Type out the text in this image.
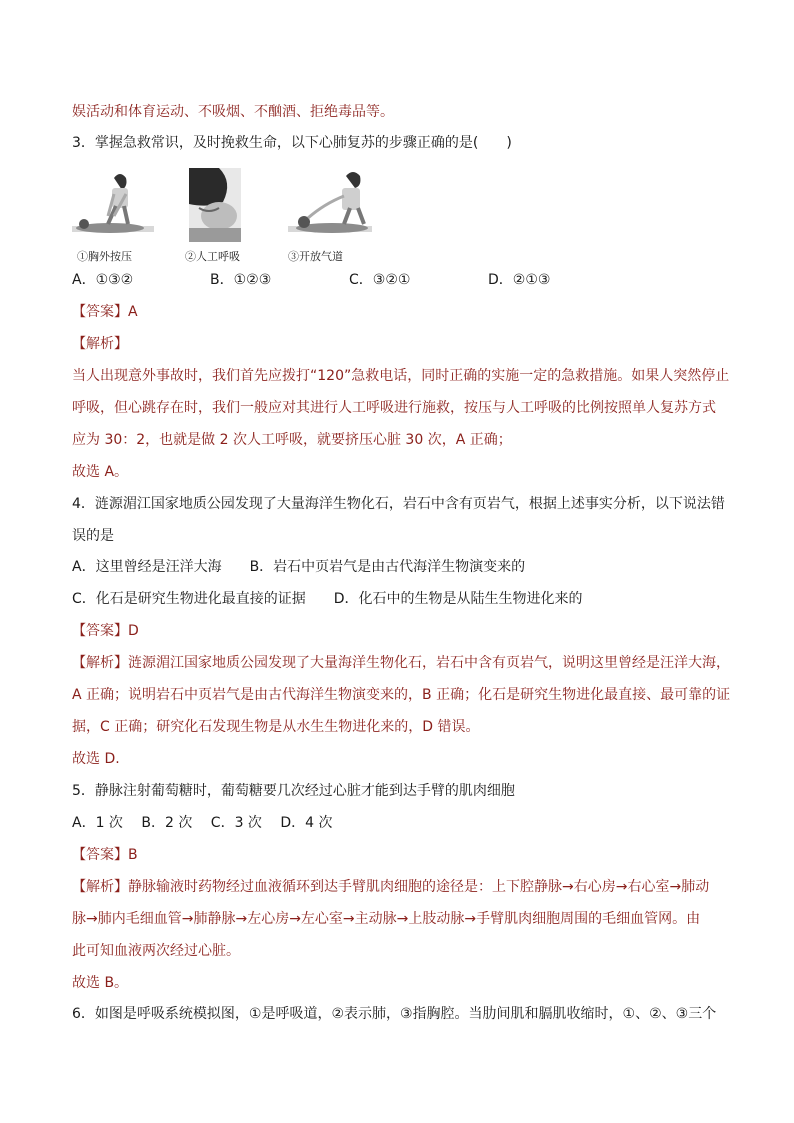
娱活动和体育运动、不吸烟、不酗酒、拒绝毒品等。
3．掌握急救常识，及时挽救生命，以下心肺复苏的步骤正确的是(　　)
①胸外按压	②人工呼吸	③开放气道
A．①③②	B．①②③	C．③②①	D．②①③
【答案】A
【解析】
当人出现意外事故时，我们首先应拨打“120”急救电话，同时正确的实施一定的急救措施。如果人突然停止
呼吸，但心跳存在时，我们一般应对其进行人工呼吸进行施救，按压与人工呼吸的比例按照单人复苏方式
应为 30：2，也就是做 2 次人工呼吸，就要挤压心脏 30 次，A 正确；
故选 A。
4．涟源湄江国家地质公园发现了大量海洋生物化石，岩石中含有页岩气，根据上述事实分析，以下说法错
误的是
A．这里曾经是汪洋大海　　B．岩石中页岩气是由古代海洋生物演变来的
C．化石是研究生物进化最直接的证据　　D．化石中的生物是从陆生生物进化来的
【答案】D
【解析】涟源湄江国家地质公园发现了大量海洋生物化石，岩石中含有页岩气，说明这里曾经是汪洋大海，
A 正确；说明岩石中页岩气是由古代海洋生物演变来的，B 正确；化石是研究生物进化最直接、最可靠的证
据，C 正确；研究化石发现生物是从水生生物进化来的，D 错误。
故选 D.
5．静脉注射葡萄糖时，葡萄糖要几次经过心脏才能到达手臂的肌肉细胞
A．1 次　 B．2 次　 C．3 次　 D．4 次
【答案】B
【解析】静脉输液时药物经过血液循环到达手臂肌肉细胞的途径是：上下腔静脉→右心房→右心室→肺动
脉→肺内毛细血管→肺静脉→左心房→左心室→主动脉→上肢动脉→手臂肌肉细胞周围的毛细血管网。由
此可知血液两次经过心脏。
故选 B。
6．如图是呼吸系统模拟图，①是呼吸道，②表示肺，③指胸腔。当肋间肌和膈肌收缩时，①、②、③三个
